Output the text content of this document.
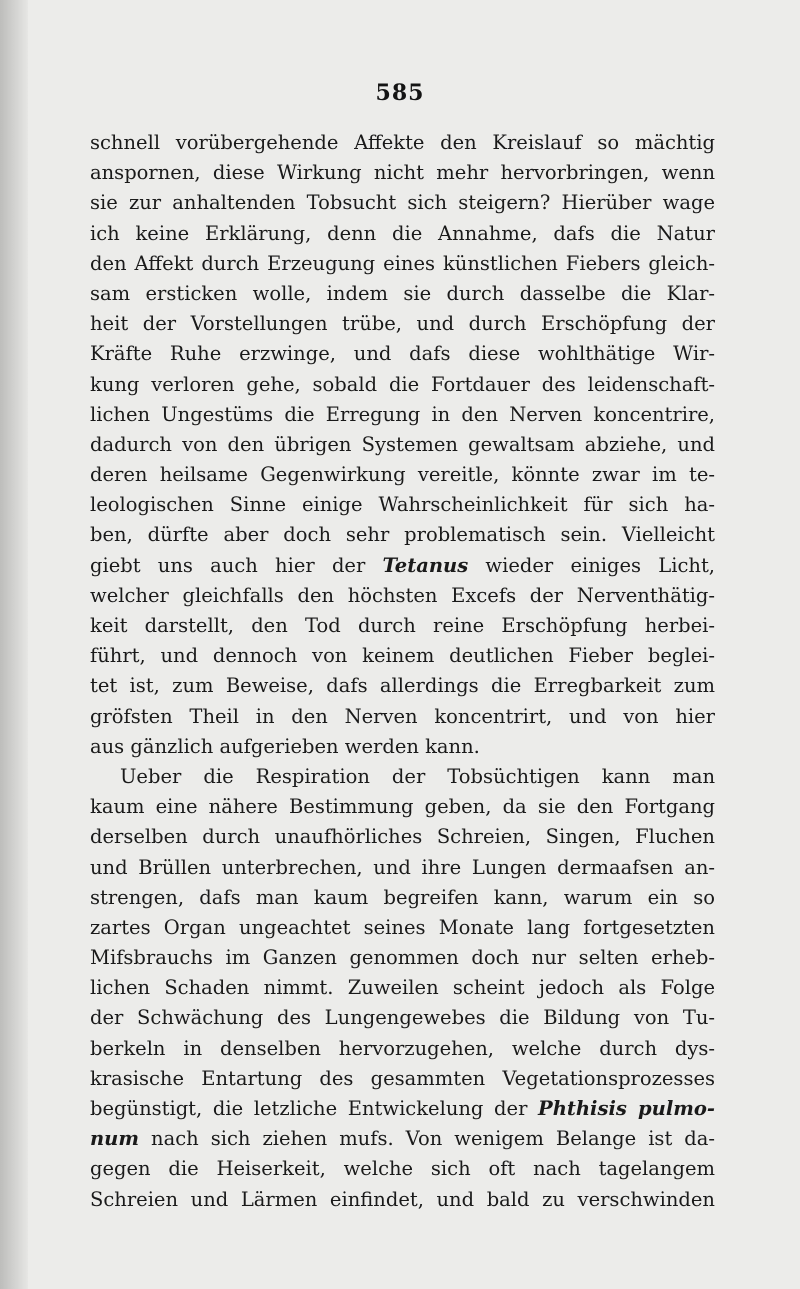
585
schnell vorübergehende Affekte den Kreislauf so mächtig
anspornen, diese Wirkung nicht mehr hervorbringen, wenn
sie zur anhaltenden Tobsucht sich steigern? Hierüber wage
ich keine Erklärung, denn die Annahme, dafs die Natur
den Affekt durch Erzeugung eines künstlichen Fiebers gleich-
sam ersticken wolle, indem sie durch dasselbe die Klar-
heit der Vorstellungen trübe, und durch Erschöpfung der
Kräfte Ruhe erzwinge, und dafs diese wohlthätige Wir-
kung verloren gehe, sobald die Fortdauer des leidenschaft-
lichen Ungestüms die Erregung in den Nerven koncentrire,
dadurch von den übrigen Systemen gewaltsam abziehe, und
deren heilsame Gegenwirkung vereitle, könnte zwar im te-
leologischen Sinne einige Wahrscheinlichkeit für sich ha-
ben, dürfte aber doch sehr problematisch sein. Vielleicht
giebt uns auch hier der Tetanus wieder einiges Licht,
welcher gleichfalls den höchsten Excefs der Nerventhätig-
keit darstellt, den Tod durch reine Erschöpfung herbei-
führt, und dennoch von keinem deutlichen Fieber beglei-
tet ist, zum Beweise, dafs allerdings die Erregbarkeit zum
gröfsten Theil in den Nerven koncentrirt, und von hier
aus gänzlich aufgerieben werden kann.
Ueber die Respiration der Tobsüchtigen kann man
kaum eine nähere Bestimmung geben, da sie den Fortgang
derselben durch unaufhörliches Schreien, Singen, Fluchen
und Brüllen unterbrechen, und ihre Lungen dermaafsen an-
strengen, dafs man kaum begreifen kann, warum ein so
zartes Organ ungeachtet seines Monate lang fortgesetzten
Mifsbrauchs im Ganzen genommen doch nur selten erheb-
lichen Schaden nimmt. Zuweilen scheint jedoch als Folge
der Schwächung des Lungengewebes die Bildung von Tu-
berkeln in denselben hervorzugehen, welche durch dys-
krasische Entartung des gesammten Vegetationsprozesses
begünstigt, die letzliche Entwickelung der Phthisis pulmo-
num nach sich ziehen mufs. Von wenigem Belange ist da-
gegen die Heiserkeit, welche sich oft nach tagelangem
Schreien und Lärmen einfindet, und bald zu verschwinden
